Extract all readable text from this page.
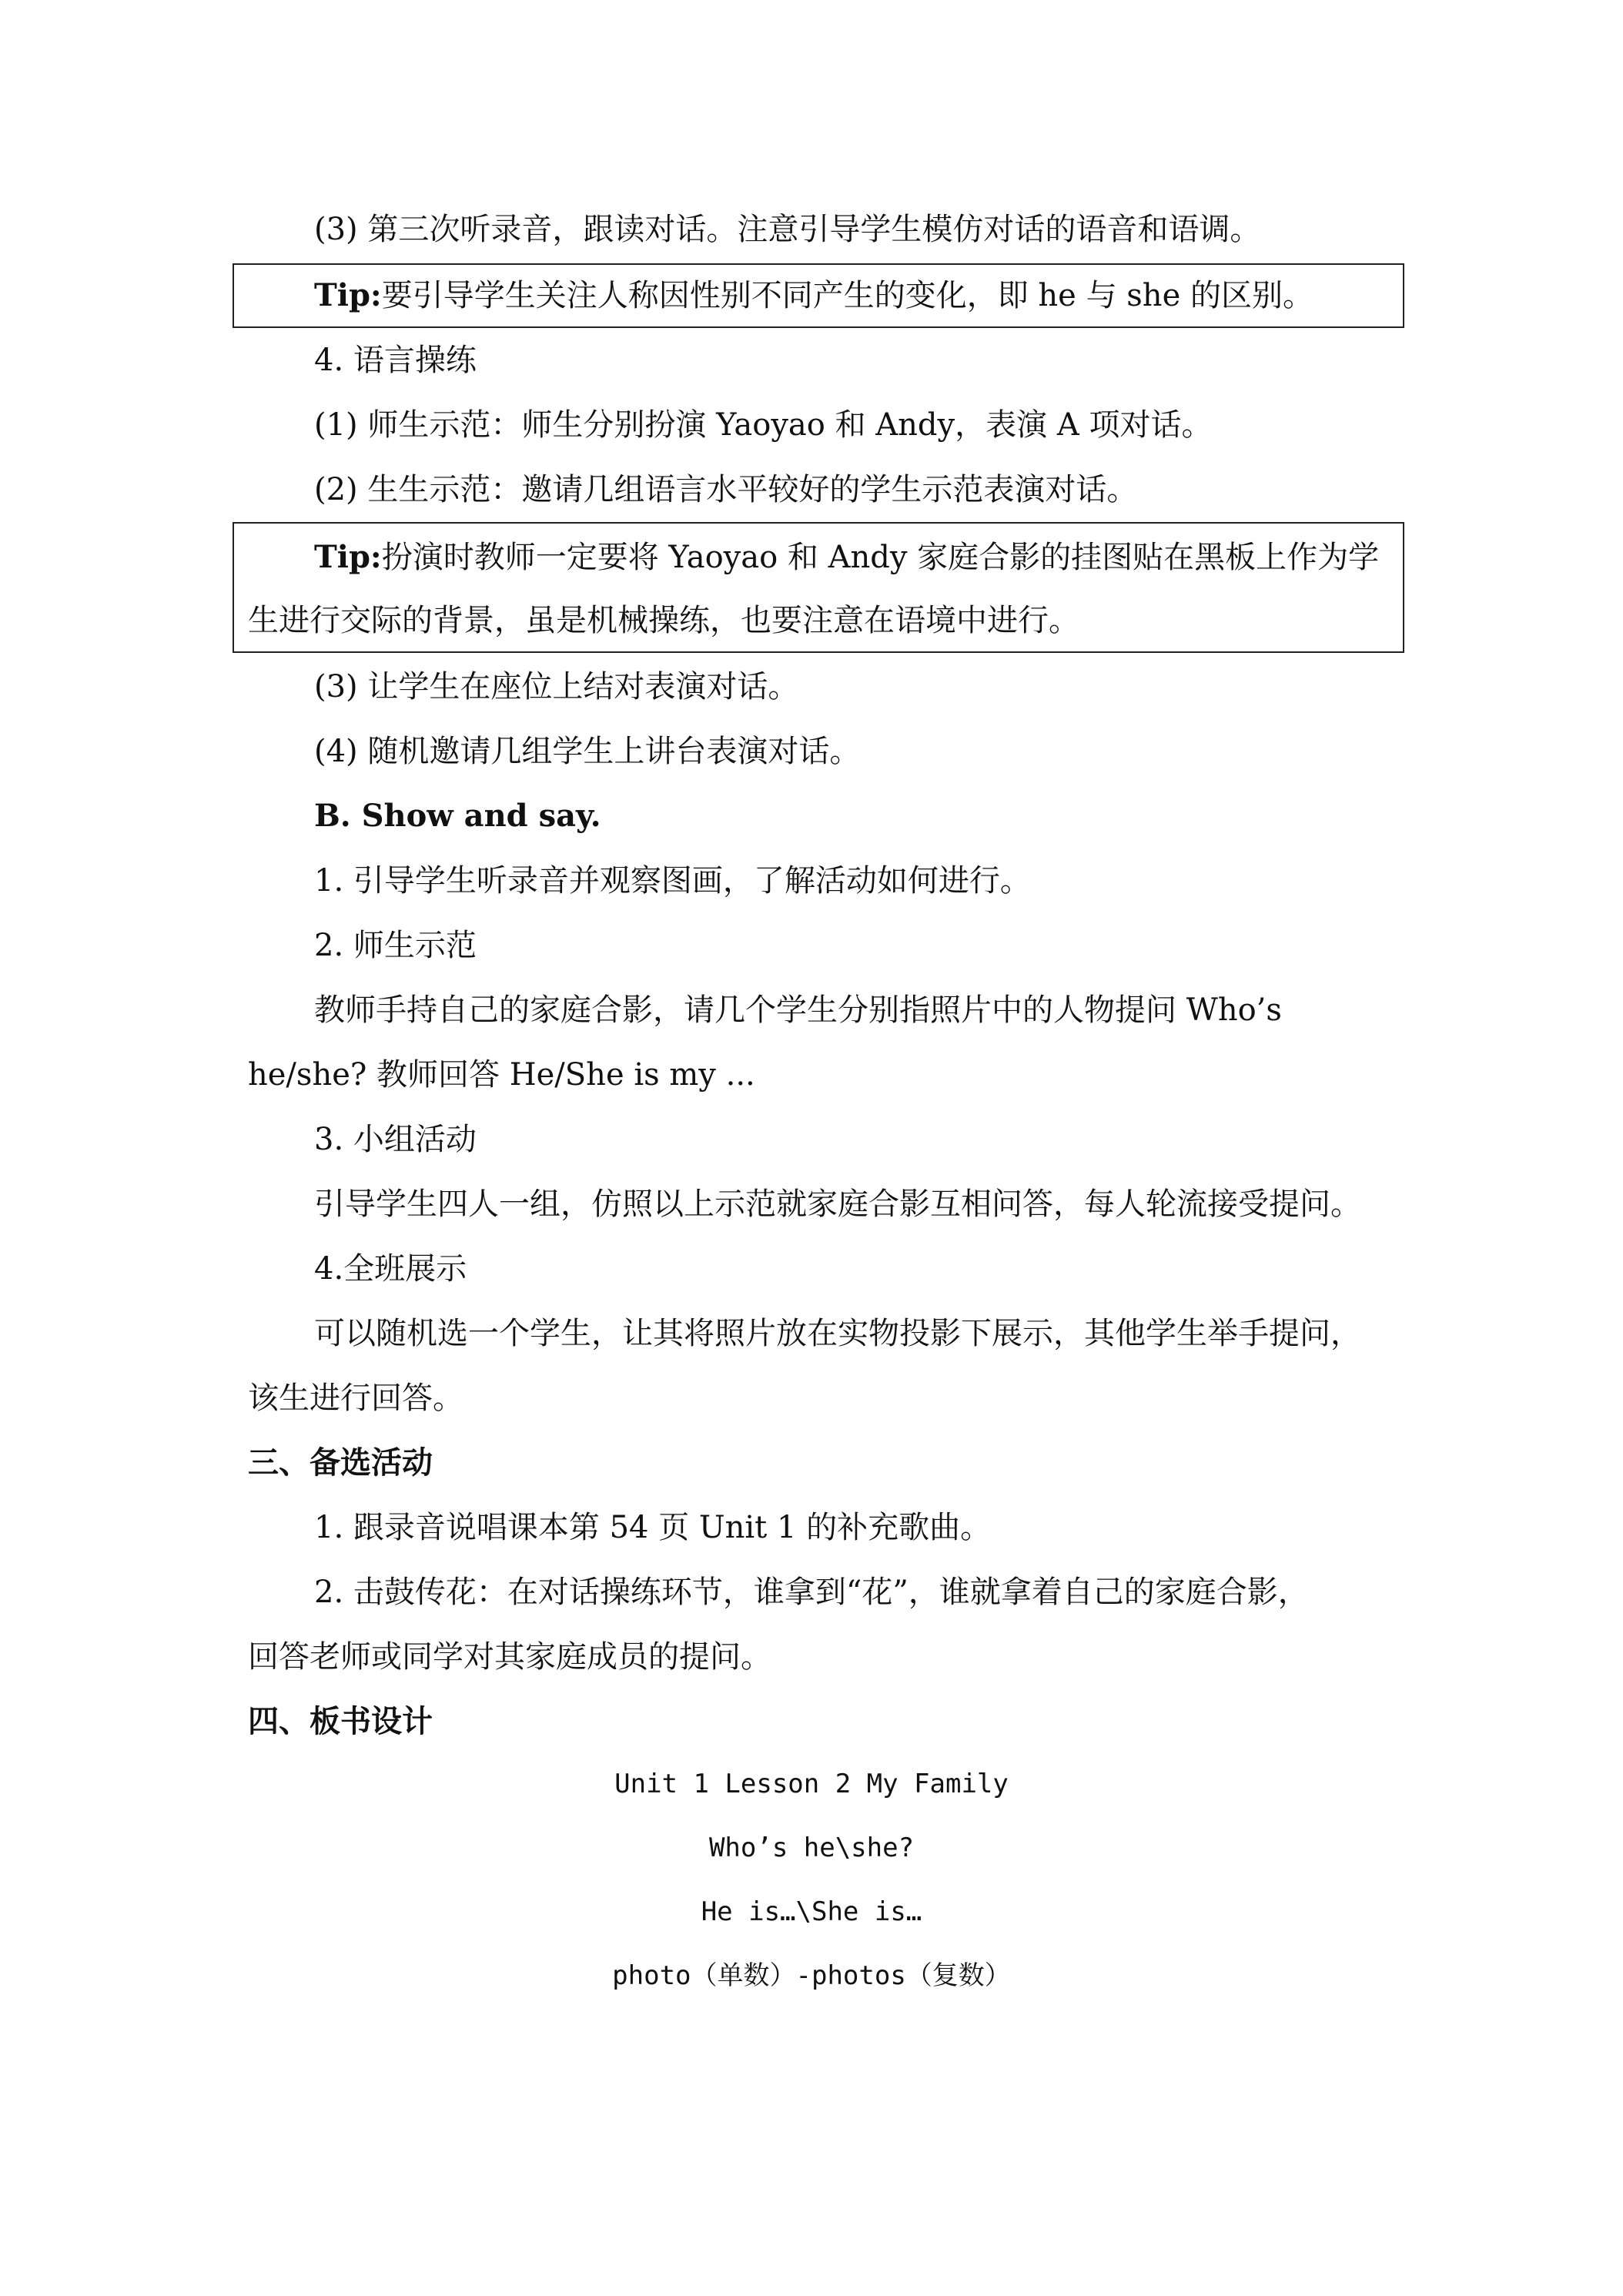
(3) 第三次听录音，跟读对话。注意引导学生模仿对话的语音和语调。
Tip:要引导学生关注人称因性别不同产生的变化，即 he 与 she 的区别。
4. 语言操练
(1) 师生示范：师生分别扮演 Yaoyao 和 Andy，表演 A 项对话。
(2) 生生示范：邀请几组语言水平较好的学生示范表演对话。
Tip:扮演时教师一定要将 Yaoyao 和 Andy 家庭合影的挂图贴在黑板上作为学
生进行交际的背景，虽是机械操练，也要注意在语境中进行。
(3) 让学生在座位上结对表演对话。
(4) 随机邀请几组学生上讲台表演对话。
B. Show and say.
1. 引导学生听录音并观察图画，了解活动如何进行。
2. 师生示范
教师手持自己的家庭合影，请几个学生分别指照片中的人物提问 Who’s
he/she? 教师回答 He/She is my ...
3. 小组活动
引导学生四人一组，仿照以上示范就家庭合影互相问答，每人轮流接受提问。
4.全班展示
可以随机选一个学生，让其将照片放在实物投影下展示，其他学生举手提问，
该生进行回答。
三、备选活动
1. 跟录音说唱课本第 54 页 Unit 1 的补充歌曲。
2. 击鼓传花：在对话操练环节，谁拿到“花”，谁就拿着自己的家庭合影，
回答老师或同学对其家庭成员的提问。
四、板书设计
Unit 1 Lesson 2 My Family
Who’s he\she?
He is…\She is…
photo（单数）-photos（复数）
